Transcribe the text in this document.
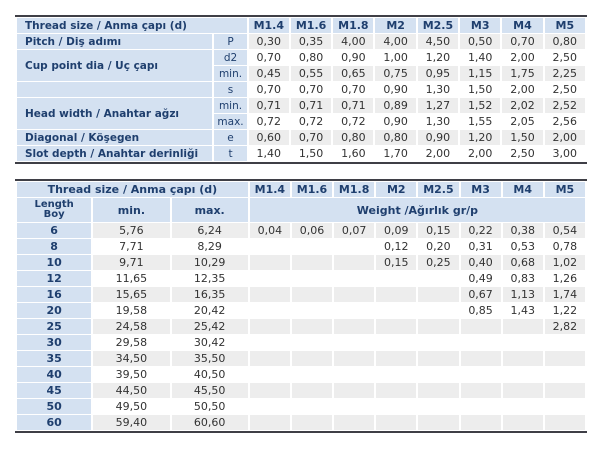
Thread size / Anma çapı (d)		M1.4	M1.6	M1.8	M2	M2.5	M3	M4	M5
Pitch / Diş adımı	P	0,30	0,35	4,00	4,00	4,50	0,50	0,70	0,80
Cup point dia / Uç çapı	d2	0,70	0,80	0,90	1,00	1,20	1,40	2,00	2,50
	min.	0,45	0,55	0,65	0,75	0,95	1,15	1,75	2,25
	s	0,70	0,70	0,70	0,90	1,30	1,50	2,00	2,50
Head width / Anahtar ağzı	min.	0,71	0,71	0,71	0,89	1,27	1,52	2,02	2,52
	max.	0,72	0,72	0,72	0,90	1,30	1,55	2,05	2,56
Diagonal / Köşegen	e	0,60	0,70	0,80	0,80	0,90	1,20	1,50	2,00
Slot depth / Anahtar derinliği	t	1,40	1,50	1,60	1,70	2,00	2,00	2,50	3,00
Thread size / Anma çapı (d)			M1.4	M1.6	M1.8	M2	M2.5	M3	M4	M5

Length
Boy	min.	max.	Weight /Ağırlık gr/p							
6	5,76	6,24	0,04	0,06	0,07	0,09	0,15	0,22	0,38	0,54
8	7,71	8,29				0,12	0,20	0,31	0,53	0,78
10	9,71	10,29				0,15	0,25	0,40	0,68	1,02
12	11,65	12,35						0,49	0,83	1,26
16	15,65	16,35						0,67	1,13	1,74
20	19,58	20,42						0,85	1,43	1,22
25	24,58	25,42								2,82
30	29,58	30,42								
35	34,50	35,50								
40	39,50	40,50								
45	44,50	45,50								
50	49,50	50,50								
60	59,40	60,60								
